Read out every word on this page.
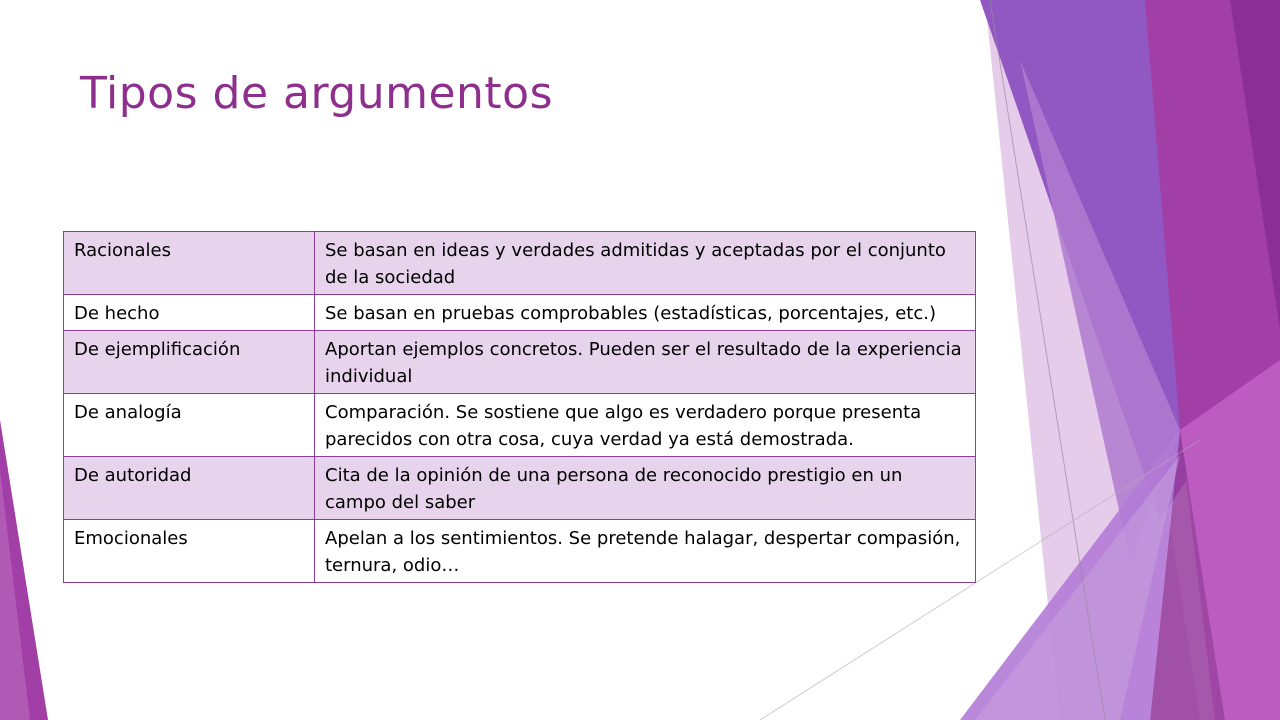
Tipos de argumentos
Racionales	Se basan en ideas y verdades admitidas y aceptadas por el conjunto de la sociedad
De hecho	Se basan en pruebas comprobables (estadísticas, porcentajes, etc.)
De ejemplificación	Aportan ejemplos concretos. Pueden ser el resultado de la experiencia individual
De analogía	Comparación. Se sostiene que algo es verdadero porque presenta parecidos con otra cosa, cuya verdad ya está demostrada.
De autoridad	Cita de la opinión de una persona de reconocido prestigio en un campo del saber
Emocionales	Apelan a los sentimientos. Se pretende halagar, despertar compasión, ternura, odio…
